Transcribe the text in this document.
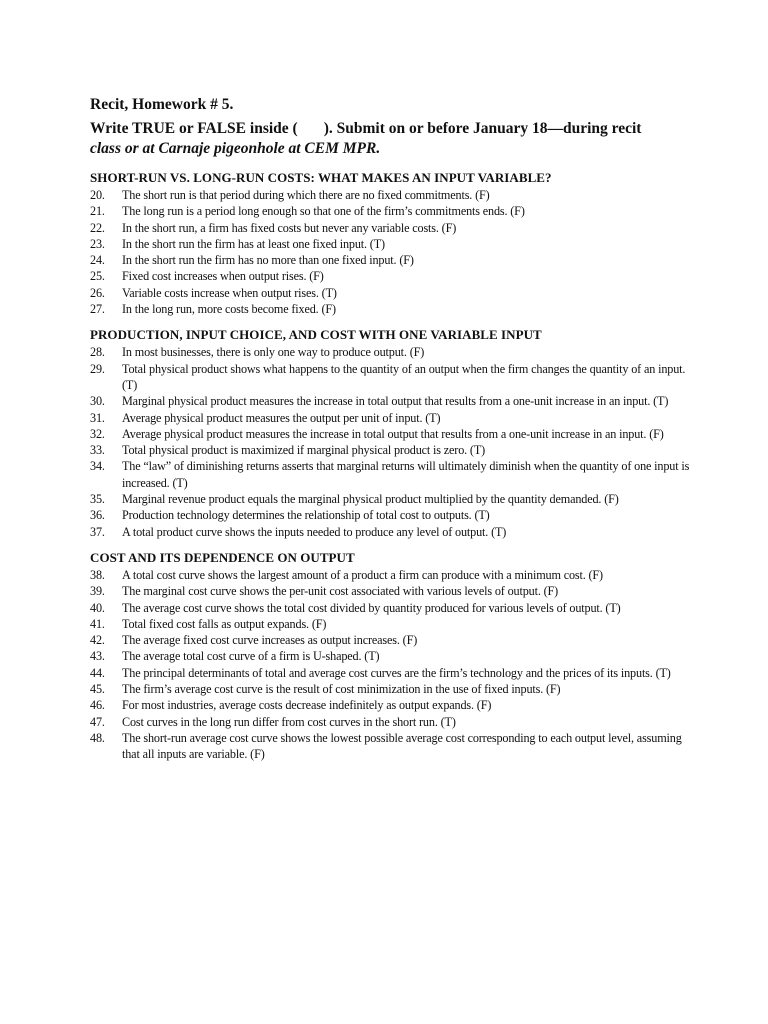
Recit, Homework # 5.

Write TRUE or FALSE inside ( ). Submit on or before January 18—during recit

class or at Carnaje pigeonhole at CEM MPR.

SHORT-RUN VS. LONG-RUN COSTS: WHAT MAKES AN INPUT VARIABLE?
20. The short run is that period during which there are no fixed commitments. (F)
21. The long run is a period long enough so that one of the firm’s commitments ends. (F)
22. In the short run, a firm has fixed costs but never any variable costs. (F)
23. In the short run the firm has at least one fixed input. (T)
24. In the short run the firm has no more than one fixed input. (F)
25. Fixed cost increases when output rises. (F)
26. Variable costs increase when output rises. (T)
27. In the long run, more costs become fixed. (F)
PRODUCTION, INPUT CHOICE, AND COST WITH ONE VARIABLE INPUT
28. In most businesses, there is only one way to produce output. (F)
29. Total physical product shows what happens to the quantity of an output when the firm changes the quantity of an input. (T)
30. Marginal physical product measures the increase in total output that results from a one-unit increase in an input. (T)
31. Average physical product measures the output per unit of input. (T)
32. Average physical product measures the increase in total output that results from a one-unit increase in an input. (F)
33. Total physical product is maximized if marginal physical product is zero. (T)
34. The “law” of diminishing returns asserts that marginal returns will ultimately diminish when the quantity of one input is increased. (T)
35. Marginal revenue product equals the marginal physical product multiplied by the quantity demanded. (F)
36. Production technology determines the relationship of total cost to outputs. (T)
37. A total product curve shows the inputs needed to produce any level of output. (T)
COST AND ITS DEPENDENCE ON OUTPUT
38. A total cost curve shows the largest amount of a product a firm can produce with a minimum cost. (F)
39. The marginal cost curve shows the per-unit cost associated with various levels of output. (F)
40. The average cost curve shows the total cost divided by quantity produced for various levels of output. (T)
41. Total fixed cost falls as output expands. (F)
42. The average fixed cost curve increases as output increases. (F)
43. The average total cost curve of a firm is U-shaped. (T)
44. The principal determinants of total and average cost curves are the firm’s technology and the prices of its inputs. (T)
45. The firm’s average cost curve is the result of cost minimization in the use of fixed inputs. (F)
46. For most industries, average costs decrease indefinitely as output expands. (F)
47. Cost curves in the long run differ from cost curves in the short run. (T)
48. The short-run average cost curve shows the lowest possible average cost corresponding to each output level, assuming that all inputs are variable. (F)
